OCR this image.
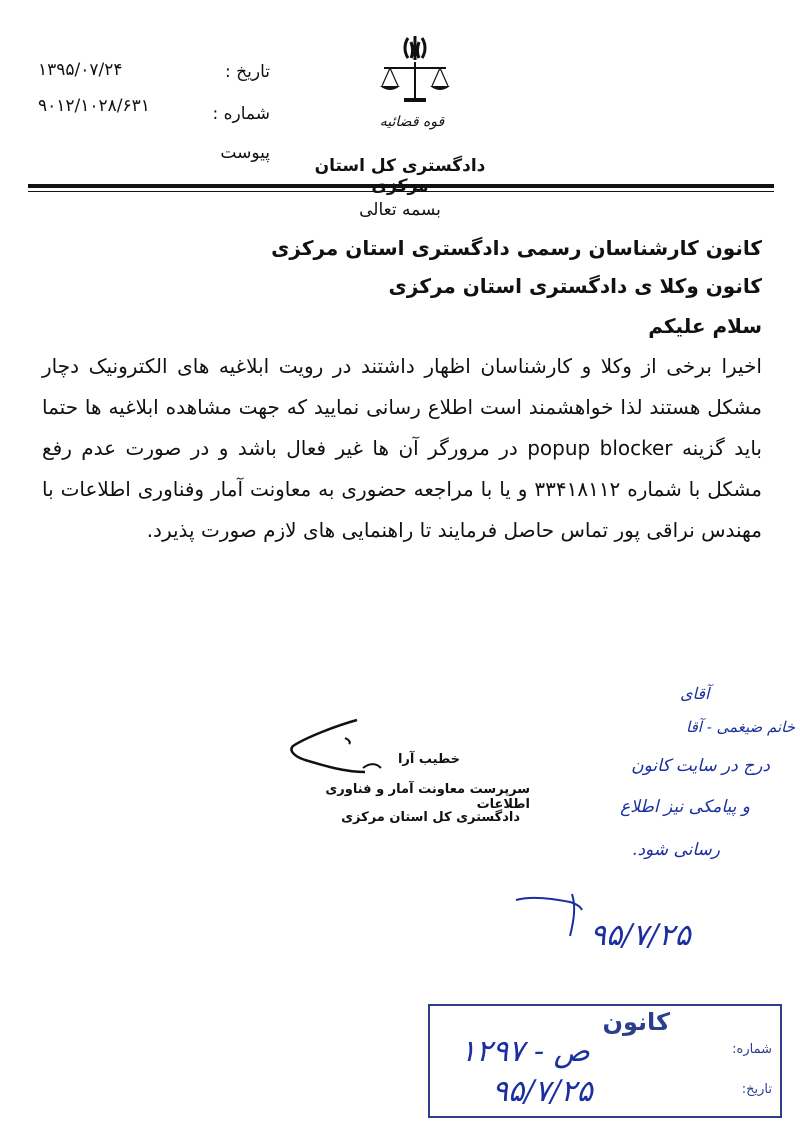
تاریخ :
۱۳۹۵/۰۷/۲۴
شماره :
۹۰۱۲/۱۰۲۸/۶۳۱
پیوست
قوه قضائیه
دادگستری کل استان
بسمه تعالی
کانون کارشناسان رسمی دادگستری استان مرکزی
کانون وکلا ی دادگستری استان مرکزی
سلام علیکم
اخیرا برخی از وکلا و کارشناسان اظهار داشتند در رویت ابلاغیه های الکترونیک دچار مشکل هستند لذا خواهشمند است اطلاع رسانی نمایید که جهت مشاهده ابلاغیه ها حتما باید گزینه popup blocker در مرورگر آن ها غیر فعال باشد و در صورت عدم رفع مشکل با شماره ۳۳۴۱۸۱۱۲ و یا با مراجعه حضوری به معاونت آمار وفناوری اطلاعات با مهندس نراقی پور تماس حاصل فرمایند تا راهنمایی های لازم صورت پذیرد.
خطیب آرا
سرپرست معاونت آمار و فناوری اطلاعات
دادگستری کل استان مرکزی
آقای
خانم ضیغمی - آقا
درج در سایت کانون
و پیامکی نیز اطلاع
رسانی شود.
۹۵/۷/۲۵
کانون
شماره:
۱۲۹۷ - ص
تاریخ:
۹۵/۷/۲۵
